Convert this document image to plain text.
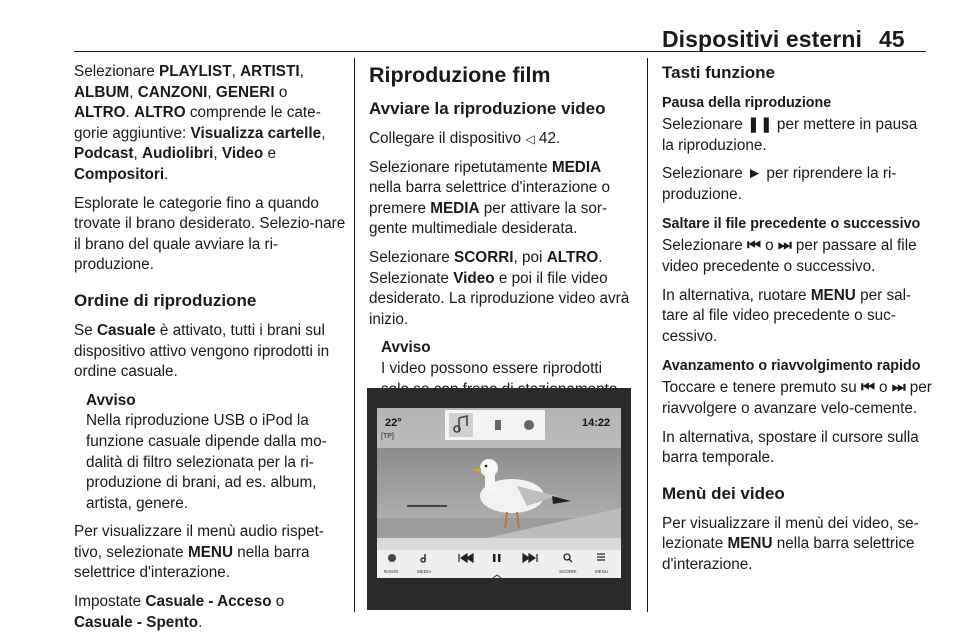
Dispositivi esterni 45

Selezionare PLAYLIST, ARTISTI, ALBUM, CANZONI, GENERI o ALTRO. ALTRO comprende le cate-gorie aggiuntive: Visualizza cartelle, Podcast, Audiolibri, Video e Compositori.

Esplorate le categorie fino a quando trovate il brano desiderato. Selezio-nare il brano del quale avviare la ri-produzione.

Ordine di riproduzione

Se Casuale è attivato, tutti i brani sul dispositivo attivo vengono riprodotti in ordine casuale.

Avviso
Nella riproduzione USB o iPod la funzione casuale dipende dalla mo-dalità di filtro selezionata per la ri-produzione di brani, ad es. album, artista, genere.

Per visualizzare il menù audio rispet-tivo, selezionate MENU nella barra selettrice d'interazione.

Impostate Casuale - Acceso o Casuale - Spento.

Riproduzione film
Avviare la riproduzione video

Collegare il dispositivo ◁ 42.

Selezionare ripetutamente MEDIA nella barra selettrice d'interazione o premere MEDIA per attivare la sor-gente multimediale desiderata.

Selezionare SCORRI, poi ALTRO. Selezionate Video e poi il file video desiderato. La riproduzione video avrà inizio.

Avviso
I video possono essere riprodotti
22°
[TP]
14:22
RADIO	MEDIA	SCORRI	MENU
Tasti funzione
Pausa della riproduzione

Selezionare ❚❚ per mettere in pausa la riproduzione.

Selezionare ► per riprendere la ri-produzione.

Saltare il file precedente o successivo

Selezionare ⏮ o ⏭ per passare al file video precedente o successivo.

In alternativa, ruotare MENU per sal-tare al file video precedente o suc-cessivo.

Avanzamento o riavvolgimento rapido

Toccare e tenere premuto su ⏮ o ⏭ per riavvolgere o avanzare velo-cemente.

In alternativa, spostare il cursore sulla barra temporale.

Menù dei video

Per visualizzare il menù dei video, se-lezionate MENU nella barra selettrice d'interazione.
